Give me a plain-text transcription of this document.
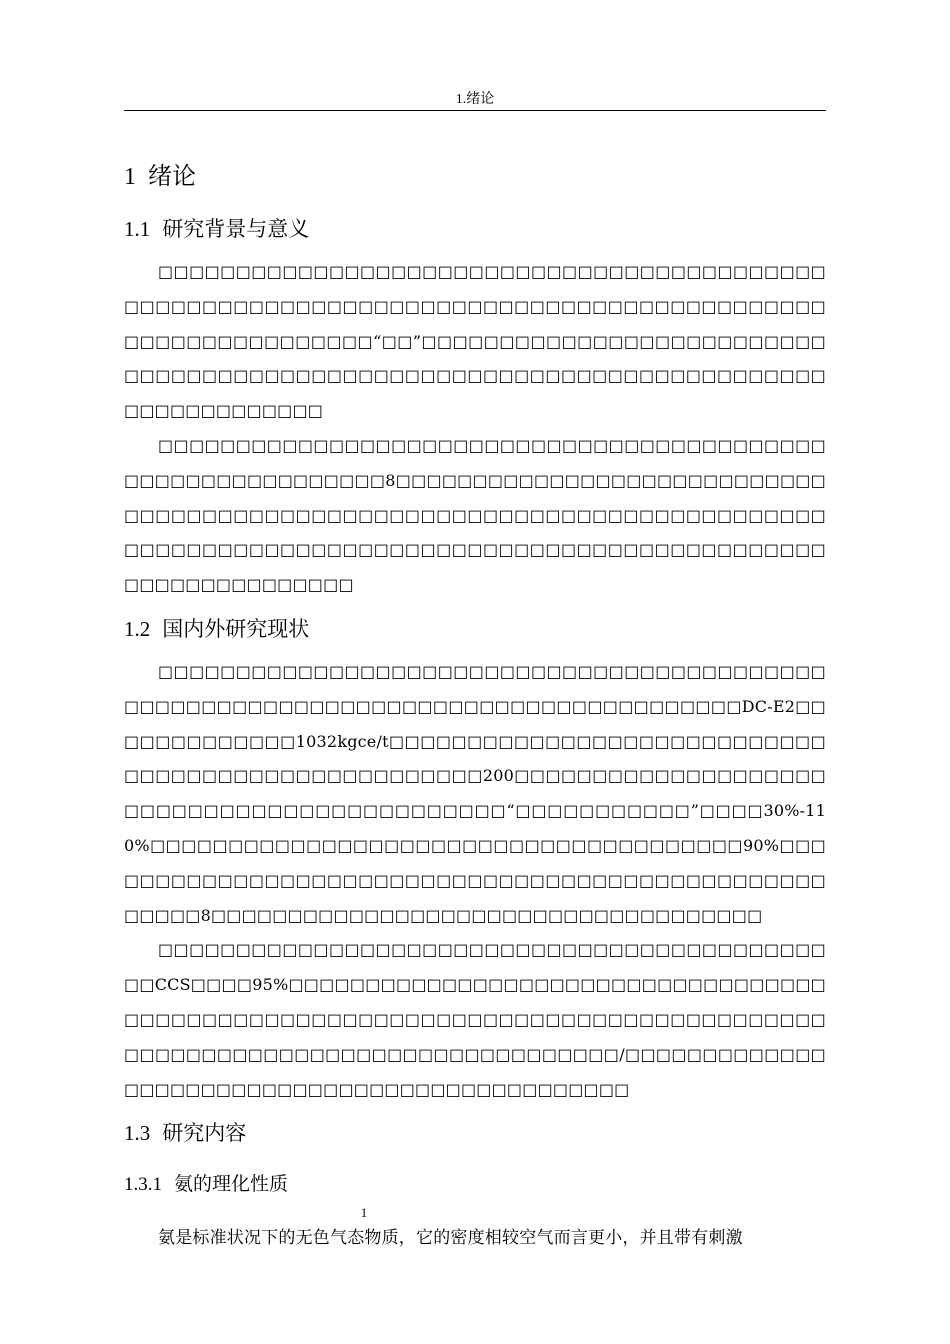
1.绪论
1 绪论
1.1 研究背景与意义

□□□□□□□□□□□□□□□□□□□□□□□□□□□□□□□□□□□□□□□□□□□□□□□□□□□□□□□□□□□□□□□□□□□□□□□□□□□□□□□□□□□□□□□□□□□□□□□□□□□□□□□□“□□”□□□□□□□□□□□□□□□□□□□□□□□□□□□□□□□□□□□□□□□□□□□□□□□□□□□□□□□□□□□□□□□□□□□□□□□□□□□□□□□□□□□□

□□□□□□□□□□□□□□□□□□□□□□□□□□□□□□□□□□□□□□□□□□□□□□□□□□□□□□□□□□□□8□□□□□□□□□□□□□□□□□□□□□□□□□□□□□□□□□□□□□□□□□□□□□□□□□□□□□□□□□□□□□□□□□□□□□□□□□□□□□□□□□□□□□□□□□□□□□□□□□□□□□□□□□□□□□□□□□□□□□□□□□□□□□□□□□□□□□

1.2 国内外研究现状

□□□□□□□□□□□□□□□□□□□□□□□□□□□□□□□□□□□□□□□□□□□□□□□□□□□□□□□□□□□□□□□□□□□□□□□□□□□□□□□□□□□DC-E2□□□□□□□□□□□□□1032kgce/t□□□□□□□□□□□□□□□□□□□□□□□□□□□□□□□□□□□□□□□□□□□□□□□□□□□200□□□□□□□□□□□□□□□□□□□□□□□□□□□□□□□□□□□□□□□□□□□□“□□□□□□□□□□□”□□□□30%-110%□□□□□□□□□□□□□□□□□□□□□□□□□□□□□□□□□□□□□□90%□□□□□□□□□□□□□□□□□□□□□□□□□□□□□□□□□□□□□□□□□□□□□□□□□□□□□8□□□□□□□□□□□□□□□□□□□□□□□□□□□□□□□□□□□□

□□□□□□□□□□□□□□□□□□□□□□□□□□□□□□□□□□□□□□□□□□□□□CCS□□□□95%□□□□□□□□□□□□□□□□□□□□□□□□□□□□□□□□□□□□□□□□□□□□□□□□□□□□□□□□□□□□□□□□□□□□□□□□□□□□□□□□□□□□□□□□□□□□□□□□□□□□□□□□□□□□□□□□/□□□□□□□□□□□□□□□□□□□□□□□□□□□□□□□□□□□□□□□□□□□□□□

1.3 研究内容
1.3.1 氨的理化性质

氨是标准状况下的无色气态物质，它的密度相较空气而言更小，并且带有刺激

1
